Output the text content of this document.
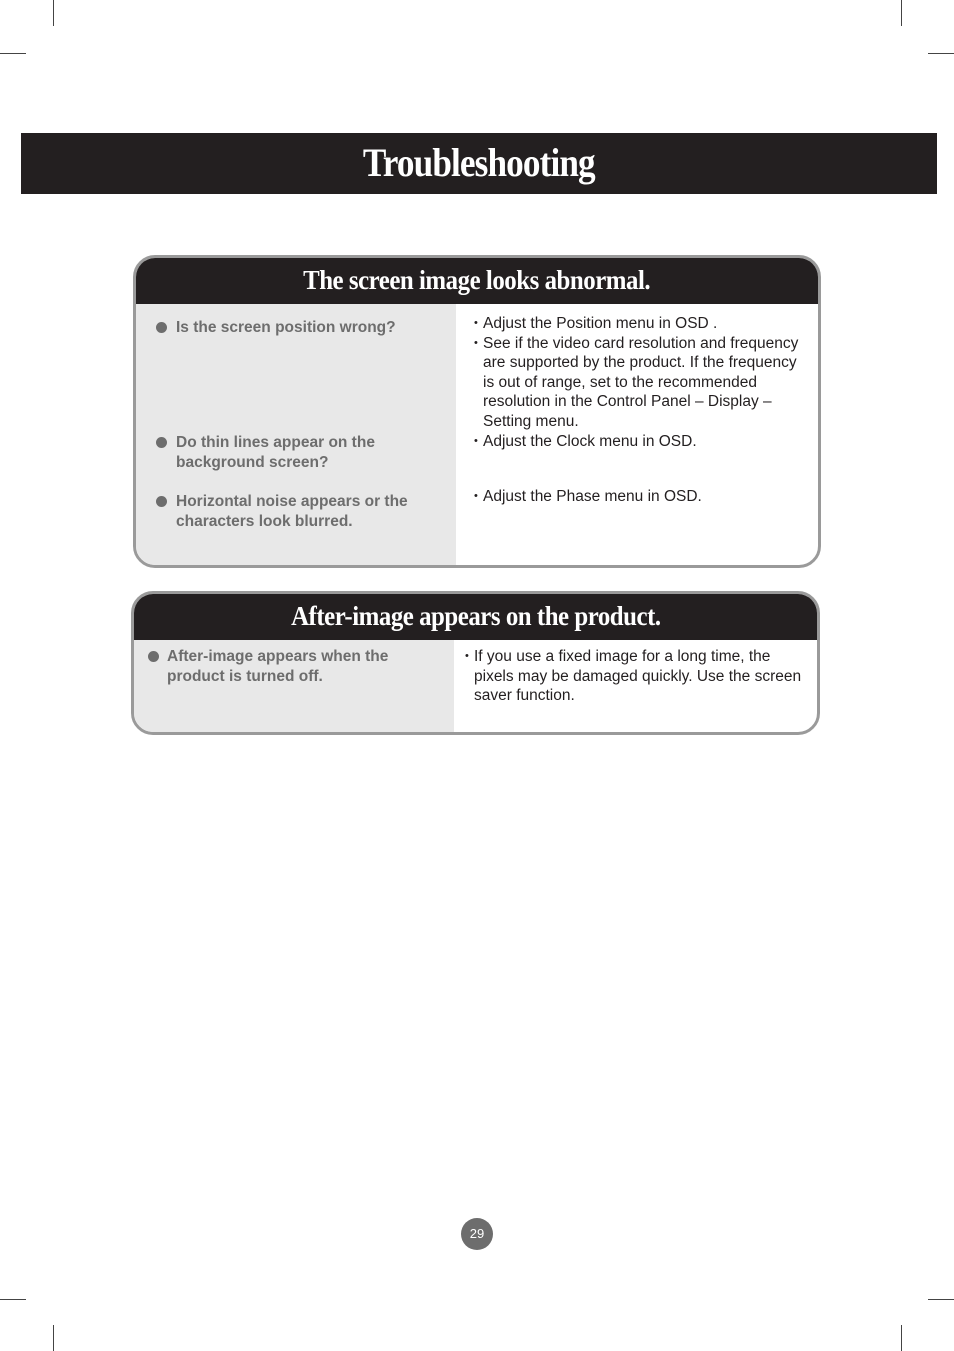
Troubleshooting
The screen image looks abnormal.
Is the screen position wrong?
•	Adjust the Position menu in OSD .
• See if the video card resolution and frequency are supported by the product. If the frequency is out of range, set to the recommended resolution in the Control Panel – Display – Setting menu.
Do thin lines appear on the background screen?
• Adjust the Clock menu in OSD.
Horizontal noise appears or the characters look blurred.
• Adjust the Phase menu in OSD.
After-image appears on the product.
After-image appears when the product is turned off.
• If you use a fixed image for a long time, the pixels may be damaged quickly. Use the screen saver function.
29
